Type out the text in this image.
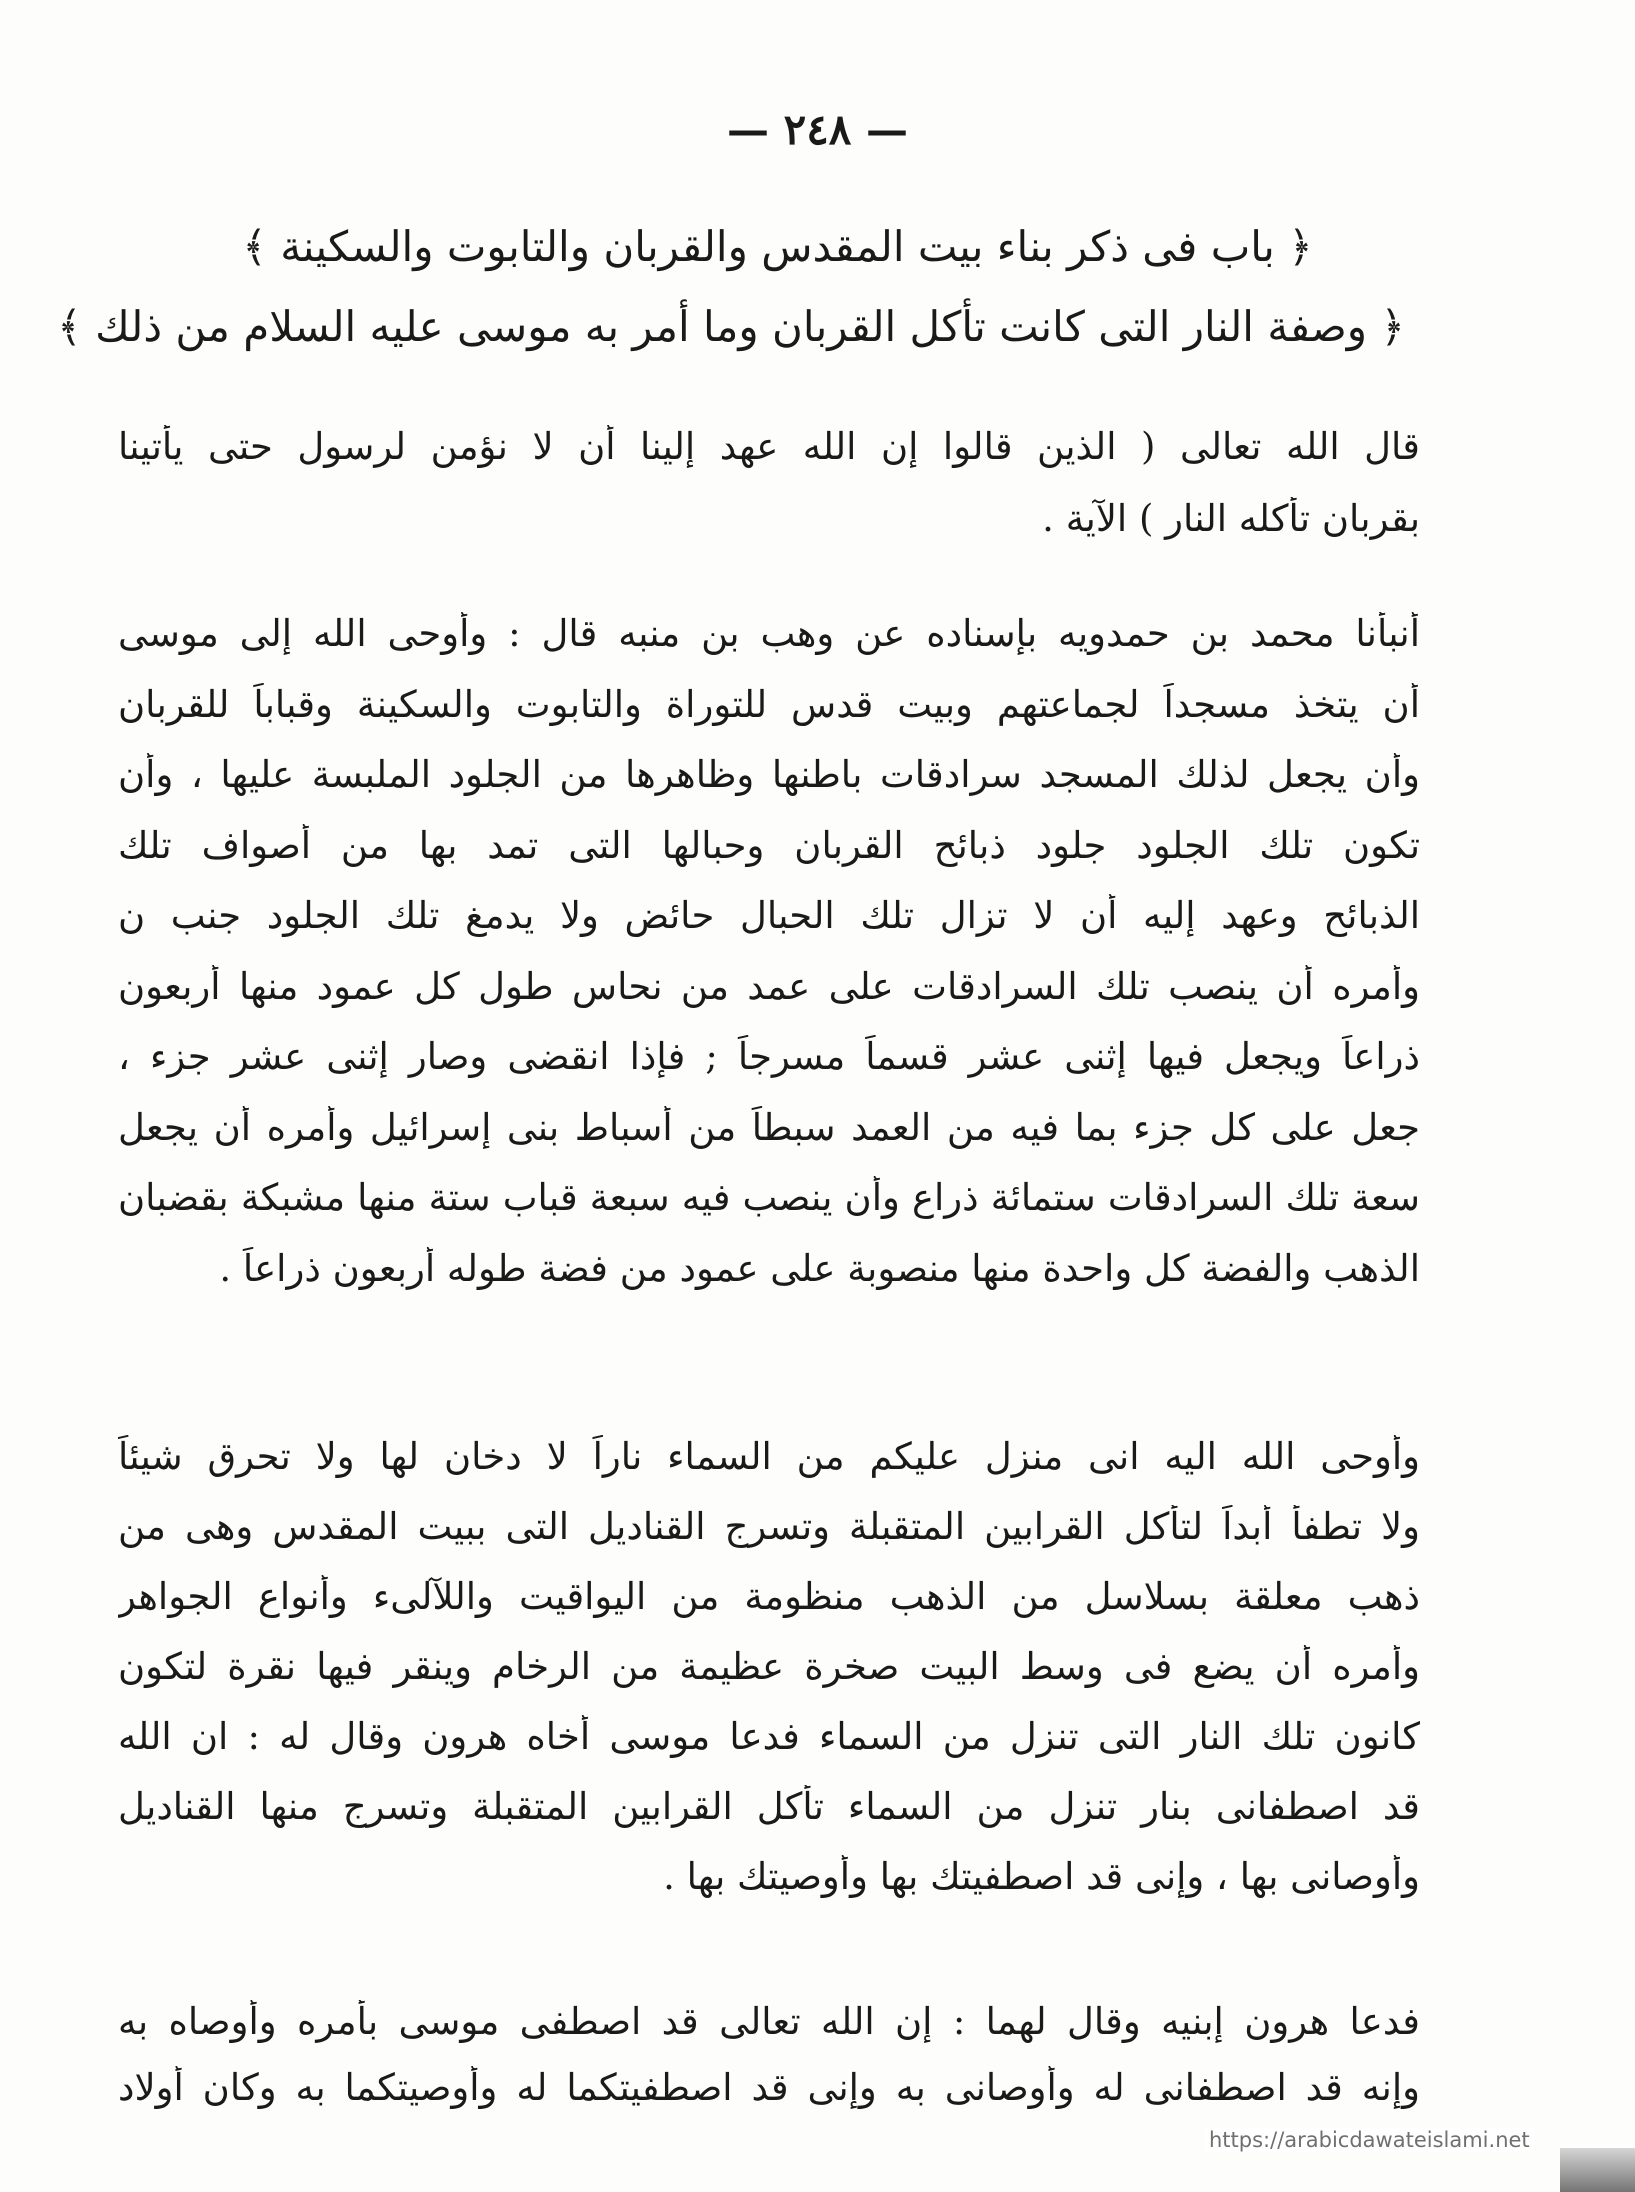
— ٢٤٨ —
﴿ باب فى ذكر بناء بيت المقدس والقربان والتابوت والسكينة ﴾
﴿ وصفة النار التى كانت تأكل القربان وما أمر به موسى عليه السلام من ذلك ﴾
قال الله تعالى ( الذين قالوا إن الله عهد إلينا أن لا نؤمن لرسول حتى يأتينا
بقربان تأكله النار ) الآية .
أنبأنا محمد بن حمدويه بإسناده عن وهب بن منبه قال : وأوحى الله إلى موسى
أن يتخذ مسجداً لجماعتهم وبيت قدس للتوراة والتابوت والسكينة وقباباً للقربان
وأن يجعل لذلك المسجد سرادقات باطنها وظاهرها من الجلود الملبسة عليها ، وأن
تكون تلك الجلود جلود ذبائح القربان وحبالها التى تمد بها من أصواف تلك
الذبائح وعهد إليه أن لا تزال تلك الحبال حائض ولا يدمغ تلك الجلود جنب ن
وأمره أن ينصب تلك السرادقات على عمد من نحاس طول كل عمود منها أربعون
ذراعاً ويجعل فيها إثنى عشر قسماً مسرجاً ; فإذا انقضى وصار إثنى عشر جزء ،
جعل على كل جزء بما فيه من العمد سبطاً من أسباط بنى إسرائيل وأمره أن يجعل
سعة تلك السرادقات ستمائة ذراع وأن ينصب فيه سبعة قباب ستة منها مشبكة بقضبان
الذهب والفضة كل واحدة منها منصوبة على عمود من فضة طوله أربعون ذراعاً .
وأوحى الله اليه انى منزل عليكم من السماء ناراً لا دخان لها ولا تحرق شيئاً
ولا تطفأ أبداً لتأكل القرابين المتقبلة وتسرج القناديل التى ببيت المقدس وهى من
ذهب معلقة بسلاسل من الذهب منظومة من اليواقيت واللآلىء وأنواع الجواهر
وأمره أن يضع فى وسط البيت صخرة عظيمة من الرخام وينقر فيها نقرة لتكون
كانون تلك النار التى تنزل من السماء فدعا موسى أخاه هرون وقال له : ان الله
قد اصطفانى بنار تنزل من السماء تأكل القرابين المتقبلة وتسرج منها القناديل
وأوصانى بها ، وإنى قد اصطفيتك بها وأوصيتك بها .
فدعا هرون إبنيه وقال لهما : إن الله تعالى قد اصطفى موسى بأمره وأوصاه به
وإنه قد اصطفانى له وأوصانى به وإنى قد اصطفيتكما له وأوصيتكما به وكان أولاد
https://arabicdawateislami.net
